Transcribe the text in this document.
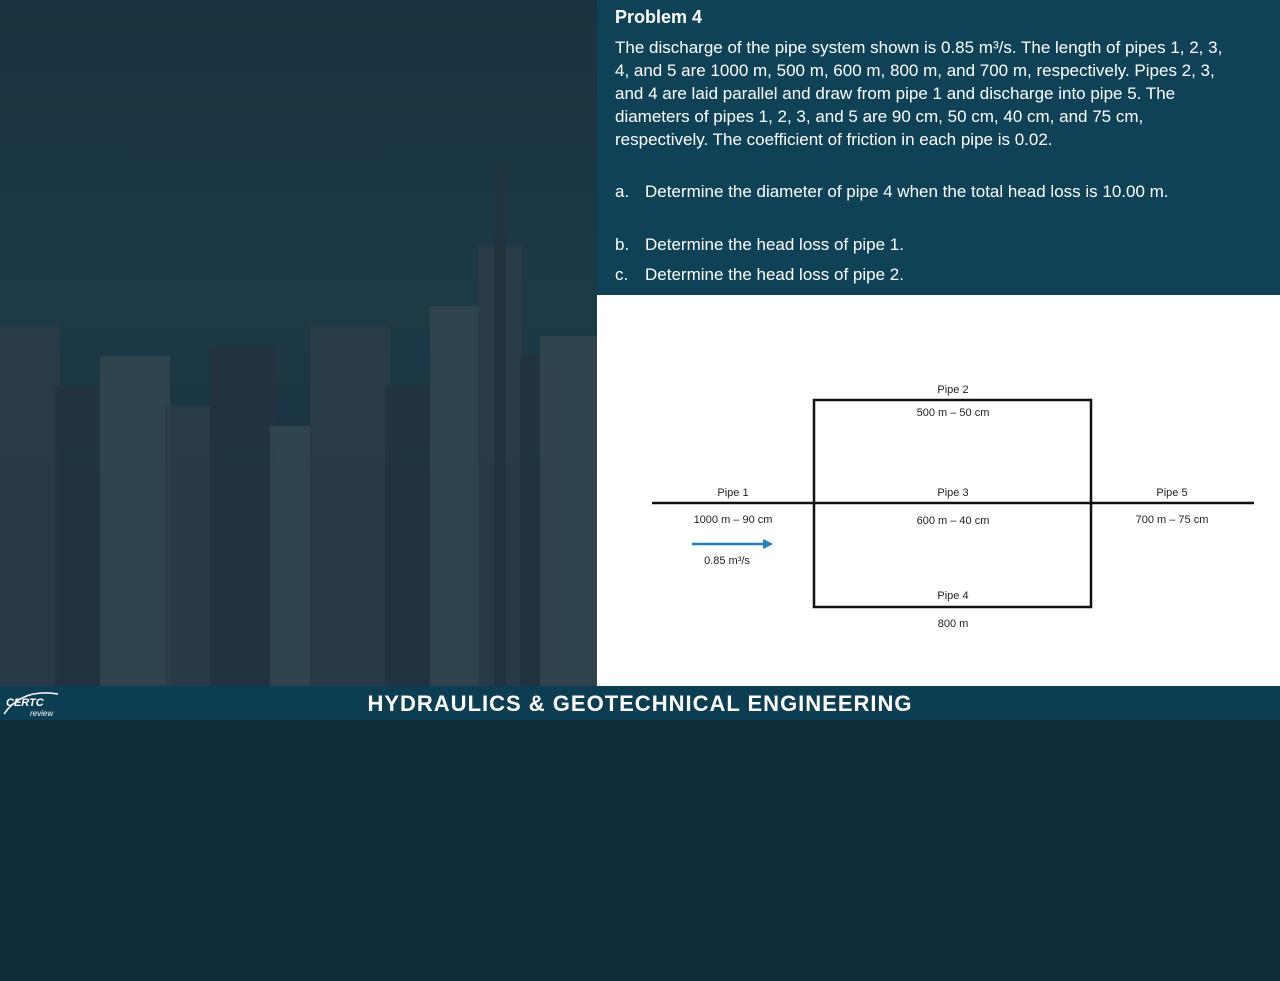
Problem 4
The discharge of the pipe system shown is 0.85 m³/s. The length of pipes 1, 2, 3, 4, and 5 are 1000 m, 500 m, 600 m, 800 m, and 700 m, respectively. Pipes 2, 3, and 4 are laid parallel and draw from pipe 1 and discharge into pipe 5. The diameters of pipes 1, 2, 3, and 5 are 90 cm, 50 cm, 40 cm, and 75 cm, respectively. The coefficient of friction in each pipe is 0.02.
a. Determine the diameter of pipe 4 when the total head loss is 10.00 m.
b. Determine the head loss of pipe 1.
c. Determine the head loss of pipe 2.
Pipe 2
500 m – 50 cm
Pipe 1
1000 m – 90 cm
Pipe 3
600 m – 40 cm
Pipe 5
700 m – 75 cm
Pipe 4
800 m
0.85 m³/s
CERTC
review	HYDRAULICS & GEOTECHNICAL ENGINEERING
